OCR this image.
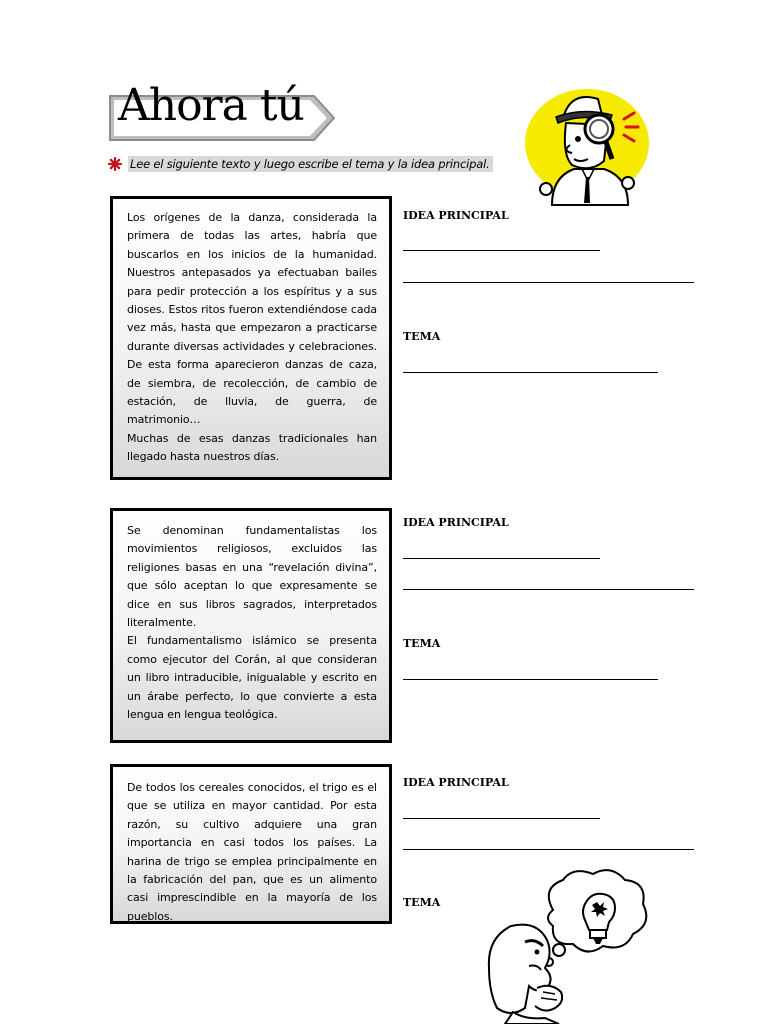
Ahora tú
Lee el siguiente texto y luego escribe el tema y la idea principal.

Los orígenes de la danza, considerada la primera de todas las artes, habría que buscarlos en los inicios de la humanidad. Nuestros antepasados ya efectuaban bailes para pedir protección a los espíritus y a sus dioses. Estos ritos fueron extendiéndose cada vez más, hasta que empezaron a practicarse durante diversas actividades y celebraciones. De esta forma aparecieron danzas de caza, de siembra, de recolección, de cambio de estación, de lluvia, de guerra, de matrimonio…

Muchas de esas danzas tradicionales han llegado hasta nuestros días.

IDEA PRINCIPAL
TEMA

Se denominan fundamentalistas los movimientos religiosos, excluidos las religiones basas en una “revelación divina”, que sólo aceptan lo que expresamente se dice en sus libros sagrados, interpretados literalmente.

El fundamentalismo islámico se presenta como ejecutor del Corán, al que consideran un libro intraducible, inigualable y escrito en un árabe perfecto, lo que convierte a esta lengua en lengua teológica.

IDEA PRINCIPAL
TEMA

De todos los cereales conocidos, el trigo es el que se utiliza en mayor cantidad. Por esta razón, su cultivo adquiere una gran importancia en casi todos los países. La harina de trigo se emplea principalmente en la fabricación del pan, que es un alimento casi imprescindible en la mayoría de los pueblos.

IDEA PRINCIPAL
TEMA
